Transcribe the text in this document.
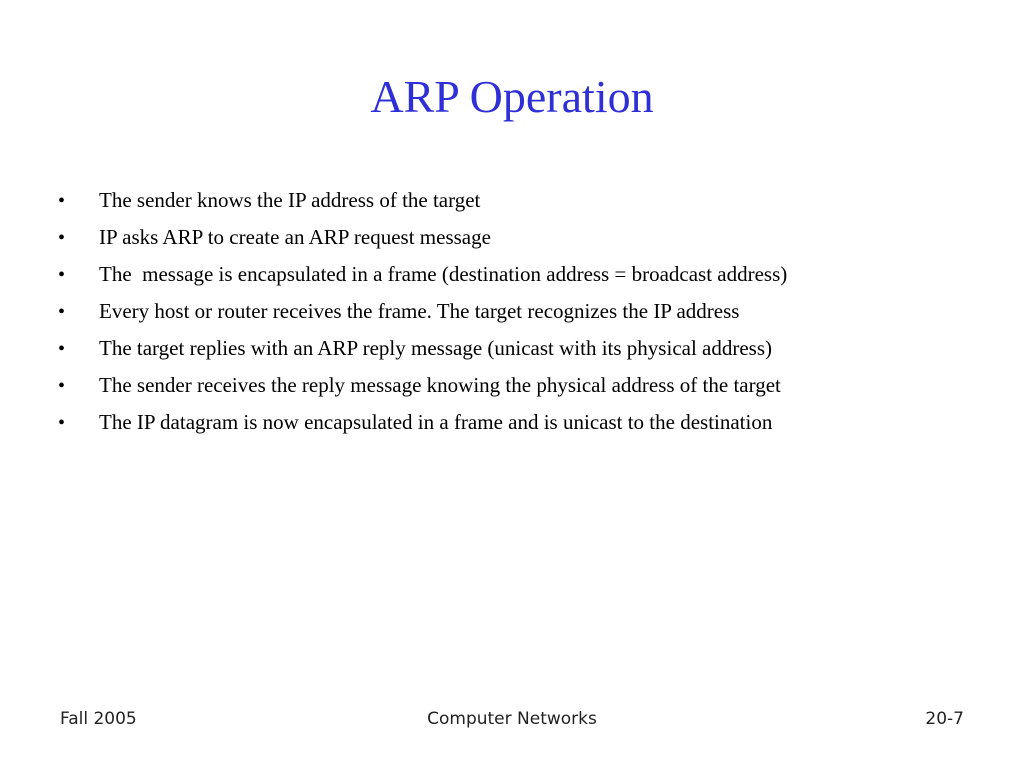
ARP Operation
•	The sender knows the IP address of the target
•	IP asks ARP to create an ARP request message
•	The  message is encapsulated in a frame (destination address = broadcast address)
•	Every host or router receives the frame. The target recognizes the IP address
•	The target replies with an ARP reply message (unicast with its physical address)
•	The sender receives the reply message knowing the physical address of the target
•	The IP datagram is now encapsulated in a frame and is unicast to the destination
Fall 2005	Computer Networks	20-7
